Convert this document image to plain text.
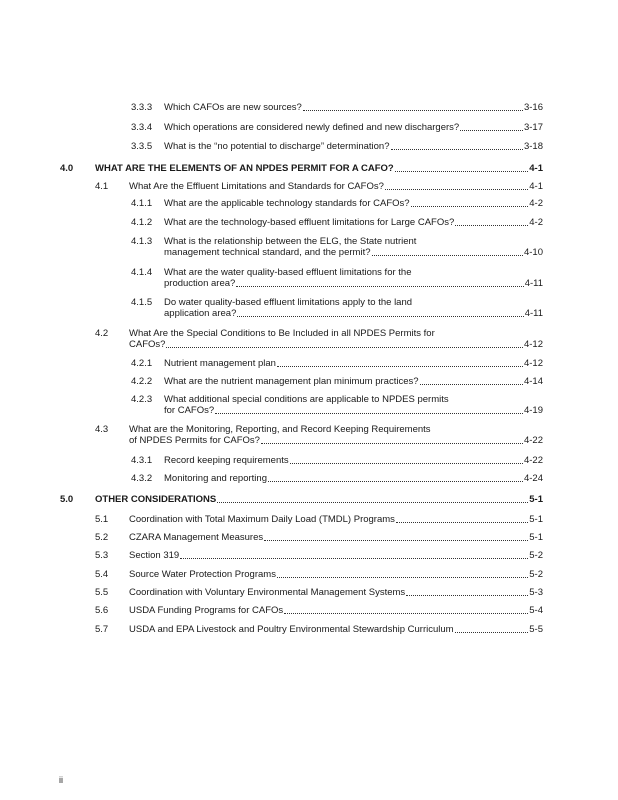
3.3.3	Which CAFOs are new sources?	3-16
3.3.4	Which operations are considered newly defined and new dischargers?	3-17
3.3.5	What is the “no potential to discharge” determination?	3-18
4.0	WHAT ARE THE ELEMENTS OF AN NPDES PERMIT FOR A CAFO?	4-1
4.1	What Are the Effluent Limitations and Standards for CAFOs?	4-1
4.1.1	What are the applicable technology standards for CAFOs?	4-2
4.1.2	What are the technology-based effluent limitations for Large CAFOs?	4-2
4.1.3	What is the relationship between the ELG, the State nutrient
management technical standard, and the permit?	4-10
4.1.4	What are the water quality-based effluent limitations for the
production area?	4-11
4.1.5	Do water quality-based effluent limitations apply to the land
application area?	4-11
4.2	What Are the Special Conditions to Be Included in all NPDES Permits for
CAFOs?	4-12
4.2.1	Nutrient management plan	4-12
4.2.2	What are the nutrient management plan minimum practices?	4-14
4.2.3	What additional special conditions are applicable to NPDES permits
for CAFOs?	4-19
4.3	What are the Monitoring, Reporting, and Record Keeping Requirements
of NPDES Permits for CAFOs?	4-22
4.3.1	Record keeping requirements	4-22
4.3.2	Monitoring and reporting	4-24
5.0	OTHER CONSIDERATIONS	5-1
5.1	Coordination with Total Maximum Daily Load (TMDL) Programs	5-1
5.2	CZARA Management Measures	5-1
5.3	Section 319	5-2
5.4	Source Water Protection Programs	5-2
5.5	Coordination with Voluntary Environmental Management Systems	5-3
5.6	USDA Funding Programs for CAFOs	5-4
5.7	USDA and EPA Livestock and Poultry Environmental Stewardship Curriculum	5-5
ii
